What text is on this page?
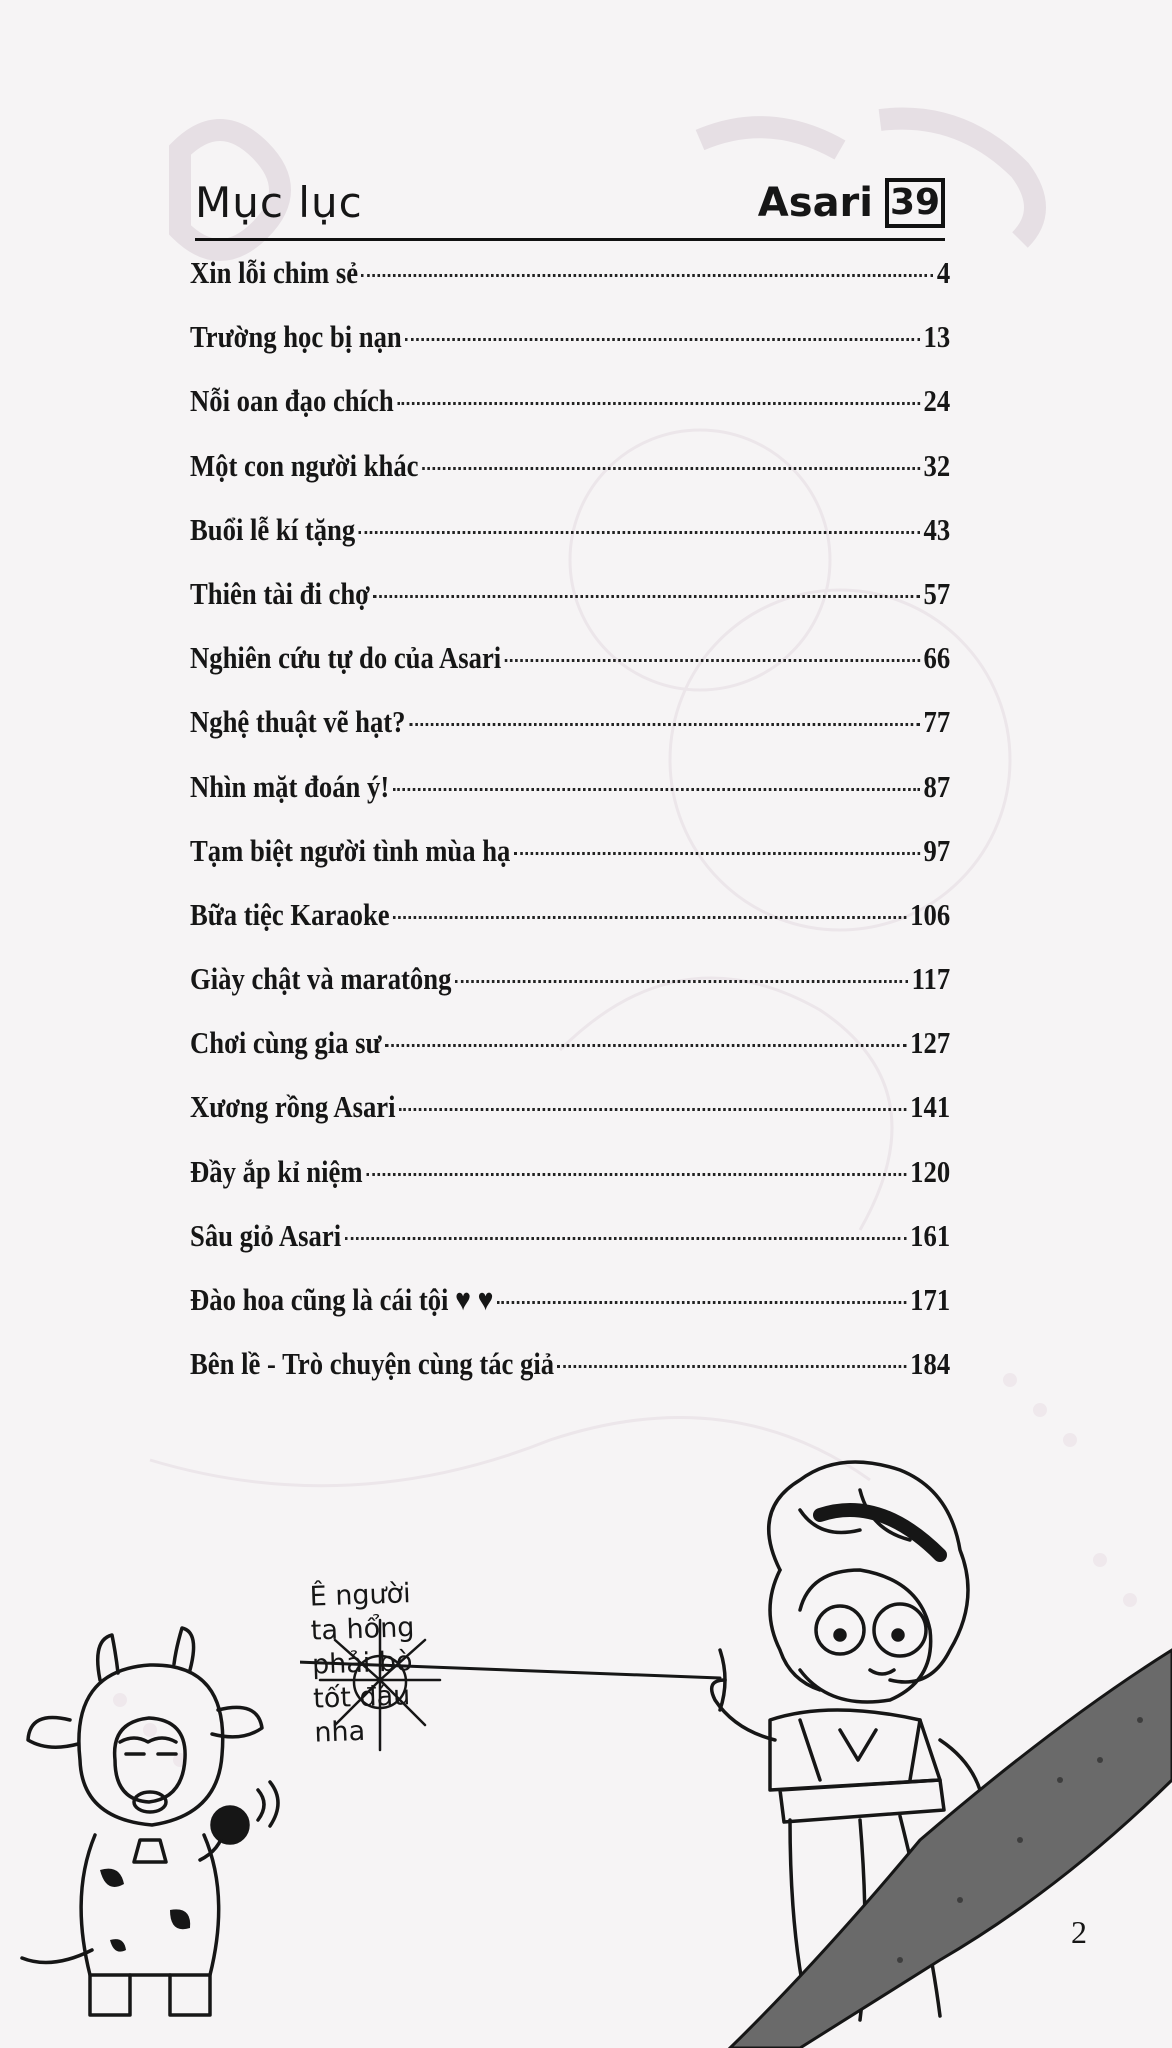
Mục lục	Asari 39
Xin lỗi chim sẻ	4
Trường học bị nạn	13
Nỗi oan đạo chích	24
Một con người khác	32
Buổi lễ kí tặng	43
Thiên tài đi chợ	57
Nghiên cứu tự do của Asari	66
Nghệ thuật vẽ hạt?	77
Nhìn mặt đoán ý!	87
Tạm biệt người tình mùa hạ	97
Bữa tiệc Karaoke	106
Giày chật và maratông	117
Chơi cùng gia sư	127
Xương rồng Asari	141
Đầy ắp kỉ niệm	120
Sâu giỏ Asari	161
Đào hoa cũng là cái tội ♥ ♥	171
Bên lề - Trò chuyện cùng tác giả	184
Ê người
ta hổng
phải bò
tốt đâu
nha
2
